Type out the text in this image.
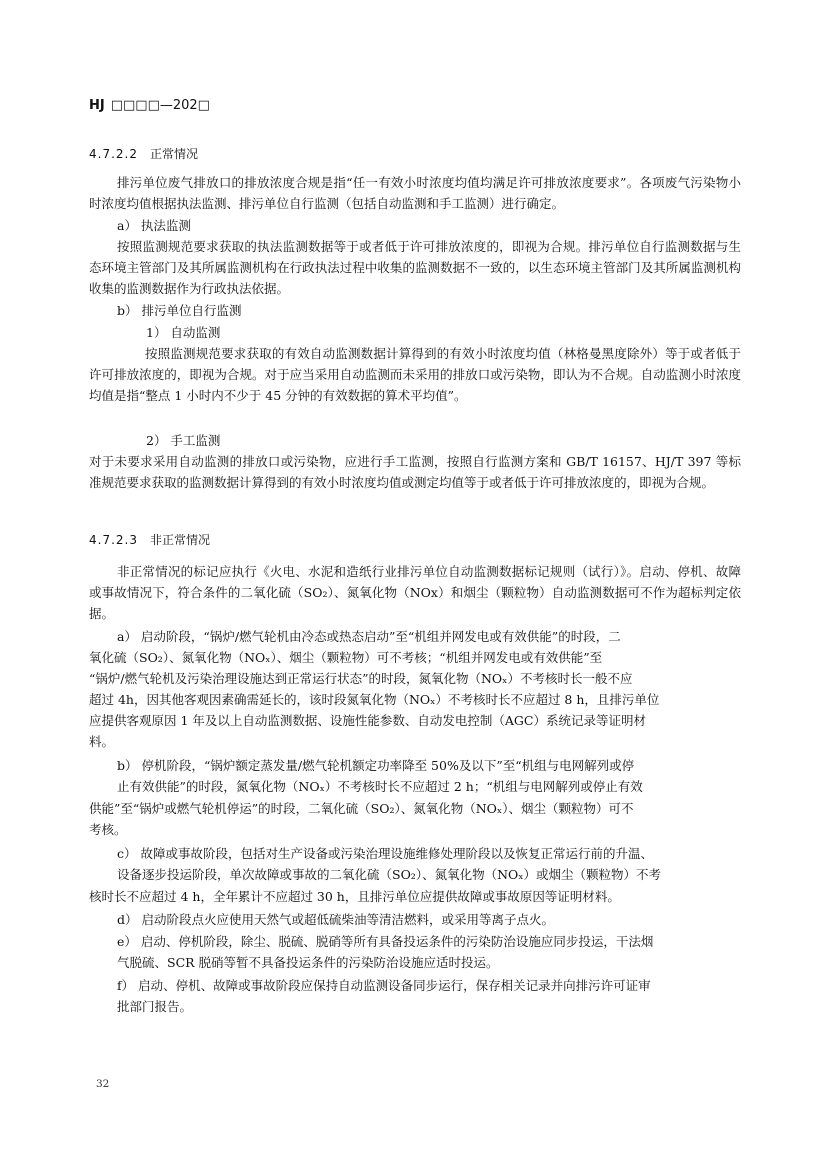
HJ □□□□—202□
4.7.2.2 正常情况

排污单位废气排放口的排放浓度合规是指“任一有效小时浓度均值均满足许可排放浓度要求”。各项废气污染物小时浓度均值根据执法监测、排污单位自行监测（包括自动监测和手工监测）进行确定。

a） 执法监测

按照监测规范要求获取的执法监测数据等于或者低于许可排放浓度的，即视为合规。排污单位自行监测数据与生态环境主管部门及其所属监测机构在行政执法过程中收集的监测数据不一致的，以生态环境主管部门及其所属监测机构收集的监测数据作为行政执法依据。

b） 排污单位自行监测
1） 自动监测

按照监测规范要求获取的有效自动监测数据计算得到的有效小时浓度均值（林格曼黑度除外）等于或者低于许可排放浓度的，即视为合规。对于应当采用自动监测而未采用的排放口或污染物，即认为不合规。自动监测小时浓度均值是指“整点 1 小时内不少于 45 分钟的有效数据的算术平均值”。

2） 手工监测

对于未要求采用自动监测的排放口或污染物，应进行手工监测，按照自行监测方案和 GB/T 16157、HJ/T 397 等标准规范要求获取的监测数据计算得到的有效小时浓度均值或测定均值等于或者低于许可排放浓度的，即视为合规。

4.7.2.3 非正常情况

非正常情况的标记应执行《火电、水泥和造纸行业排污单位自动监测数据标记规则（试行）》。启动、停机、故障或事故情况下，符合条件的二氧化硫（SO₂）、氮氧化物（NOx）和烟尘（颗粒物）自动监测数据可不作为超标判定依据。

a） 启动阶段，“锅炉/燃气轮机由冷态或热态启动”至“机组并网发电或有效供能”的时段，二
氧化硫（SO₂）、氮氧化物（NOₓ）、烟尘（颗粒物）可不考核；“机组并网发电或有效供能”至
“锅炉/燃气轮机及污染治理设施达到正常运行状态”的时段，氮氧化物（NOₓ）不考核时长一般不应
超过 4h，因其他客观因素确需延长的，该时段氮氧化物（NOₓ）不考核时长不应超过 8 h，且排污单位
应提供客观原因 1 年及以上自动监测数据、设施性能参数、自动发电控制（AGC）系统记录等证明材
料。
b） 停机阶段，“锅炉额定蒸发量/燃气轮机额定功率降至 50%及以下”至“机组与电网解列或停
止有效供能”的时段，氮氧化物（NOₓ）不考核时长不应超过 2 h；“机组与电网解列或停止有效
供能”至“锅炉或燃气轮机停运”的时段，二氧化硫（SO₂）、氮氧化物（NOₓ）、烟尘（颗粒物）可不
考核。
c） 故障或事故阶段，包括对生产设备或污染治理设施维修处理阶段以及恢复正常运行前的升温、
设备逐步投运阶段，单次故障或事故的二氧化硫（SO₂）、氮氧化物（NOₓ）或烟尘（颗粒物）不考
核时长不应超过 4 h，全年累计不应超过 30 h，且排污单位应提供故障或事故原因等证明材料。
d） 启动阶段点火应使用天然气或超低硫柴油等清洁燃料，或采用等离子点火。
e） 启动、停机阶段，除尘、脱硫、脱硝等所有具备投运条件的污染防治设施应同步投运，干法烟
气脱硫、SCR 脱硝等暂不具备投运条件的污染防治设施应适时投运。
f） 启动、停机、故障或事故阶段应保持自动监测设备同步运行，保存相关记录并向排污许可证审
批部门报告。
32
